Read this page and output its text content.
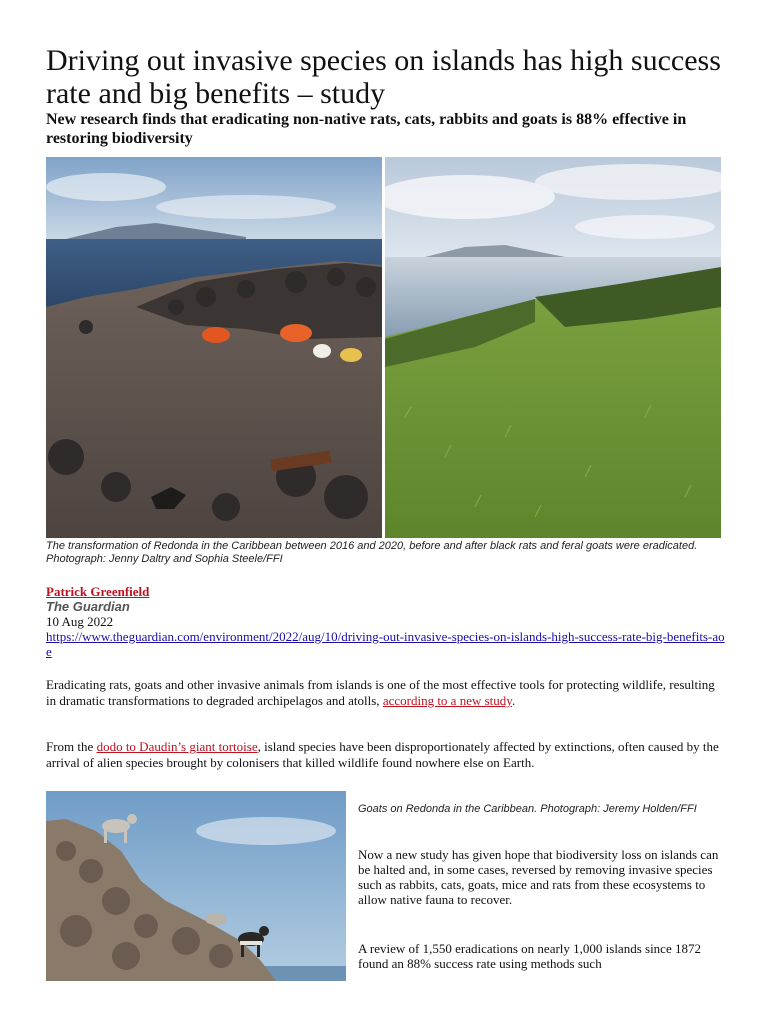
Driving out invasive species on islands has high success rate and big benefits – study
New research finds that eradicating non-native rats, cats, rabbits and goats is 88% effective in restoring biodiversity

The transformation of Redonda in the Caribbean between 2016 and 2020, before and after black rats and feral goats were eradicated. Photograph: Jenny Daltry and Sophia Steele/FFI

Patrick Greenfield
The Guardian
10 Aug 2022
https://www.theguardian.com/environment/2022/aug/10/driving-out-invasive-species-on-islands-high-success-rate-big-benefits-aoe

Eradicating rats, goats and other invasive animals from islands is one of the most effective tools for protecting wildlife, resulting in dramatic transformations to degraded archipelagos and atolls, according to a new study.

From the dodo to Daudin’s giant tortoise, island species have been disproportionately affected by extinctions, often caused by the arrival of alien species brought by colonisers that killed wildlife found nowhere else on Earth.

Goats on Redonda in the Caribbean. Photograph: Jeremy Holden/FFI

Now a new study has given hope that biodiversity loss on islands can be halted and, in some cases, reversed by removing invasive species such as rabbits, cats, goats, mice and rats from these ecosystems to allow native fauna to recover.

A review of 1,550 eradications on nearly 1,000 islands since 1872 found an 88% success rate using methods such
